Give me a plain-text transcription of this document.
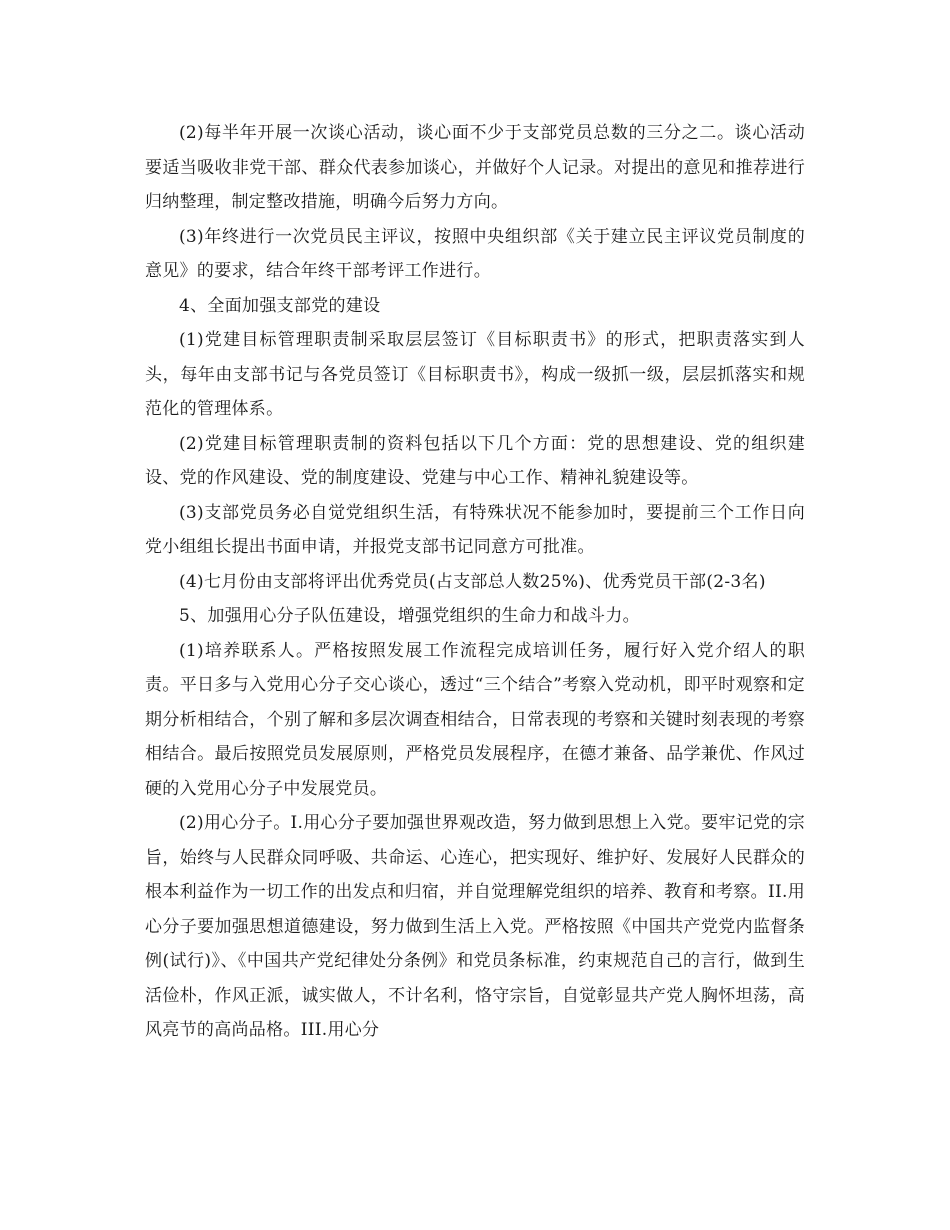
(2)每半年开展一次谈心活动，谈心面不少于支部党员总数的三分之二。谈心活动要适当吸收非党干部、群众代表参加谈心，并做好个人记录。对提出的意见和推荐进行归纳整理，制定整改措施，明确今后努力方向。

(3)年终进行一次党员民主评议，按照中央组织部《关于建立民主评议党员制度的意见》的要求，结合年终干部考评工作进行。

4、全面加强支部党的建设

(1)党建目标管理职责制采取层层签订《目标职责书》的形式，把职责落实到人头，每年由支部书记与各党员签订《目标职责书》，构成一级抓一级，层层抓落实和规范化的管理体系。

(2)党建目标管理职责制的资料包括以下几个方面：党的思想建设、党的组织建设、党的作风建设、党的制度建设、党建与中心工作、精神礼貌建设等。

(3)支部党员务必自觉党组织生活，有特殊状况不能参加时，要提前三个工作日向党小组组长提出书面申请，并报党支部书记同意方可批准。

(4)七月份由支部将评出优秀党员(占支部总人数25%)、优秀党员干部(2-3名)

5、加强用心分子队伍建设，增强党组织的生命力和战斗力。

(1)培养联系人。严格按照发展工作流程完成培训任务，履行好入党介绍人的职责。平日多与入党用心分子交心谈心，透过“三个结合”考察入党动机，即平时观察和定期分析相结合，个别了解和多层次调查相结合，日常表现的考察和关键时刻表现的考察相结合。最后按照党员发展原则，严格党员发展程序，在德才兼备、品学兼优、作风过硬的入党用心分子中发展党员。

(2)用心分子。I.用心分子要加强世界观改造，努力做到思想上入党。要牢记党的宗旨，始终与人民群众同呼吸、共命运、心连心，把实现好、维护好、发展好人民群众的根本利益作为一切工作的出发点和归宿，并自觉理解党组织的培养、教育和考察。II.用心分子要加强思想道德建设，努力做到生活上入党。严格按照《中国共产党党内监督条例(试行)》、《中国共产党纪律处分条例》和党员条标准，约束规范自己的言行，做到生活俭朴，作风正派，诚实做人，不计名利，恪守宗旨，自觉彰显共产党人胸怀坦荡，高风亮节的高尚品格。III.用心分
